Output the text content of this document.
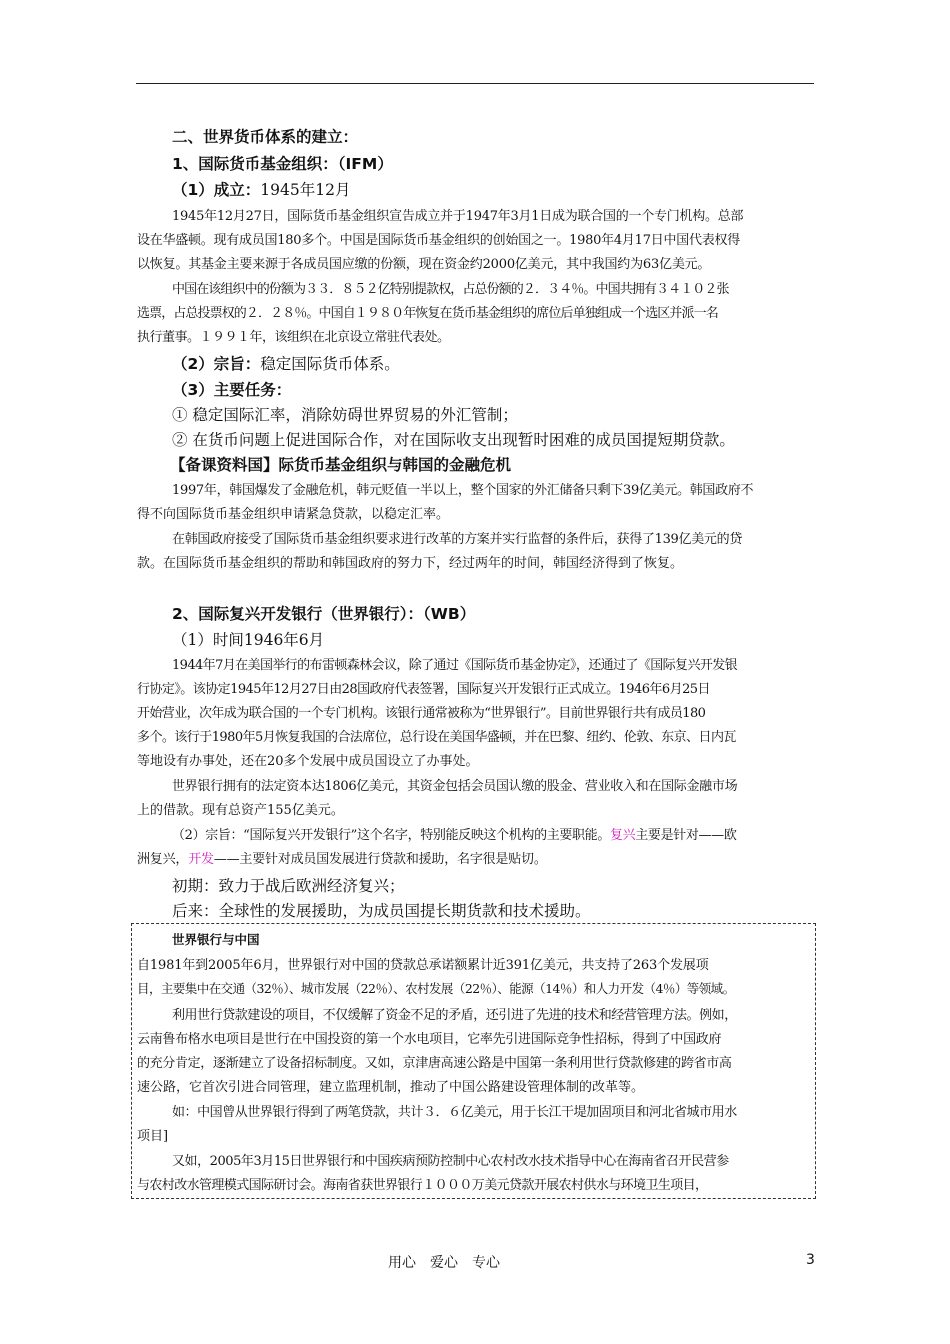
二、世界货币体系的建立：
1、国际货币基金组织：（IFM）
（1）成立：1945年12月
1945年12月27日，国际货币基金组织宣告成立并于1947年3月1日成为联合国的一个专门机构。总部
设在华盛顿。现有成员国180多个。中国是国际货币基金组织的创始国之一。1980年4月17日中国代表权得
以恢复。其基金主要来源于各成员国应缴的份额，现在资金约2000亿美元，其中我国约为63亿美元。
中国在该组织中的份额为３３．８５２亿特别提款权，占总份额的２．３４％。中国共拥有３４１０２张
选票，占总投票权的２．２８％。中国自１９８０年恢复在货币基金组织的席位后单独组成一个选区并派一名
执行董事。１９９１年，该组织在北京设立常驻代表处。
（2）宗旨：稳定国际货币体系。
（3）主要任务：
① 稳定国际汇率，消除妨碍世界贸易的外汇管制；
② 在货币问题上促进国际合作，对在国际收支出现暂时困难的成员国提短期贷款。
【备课资料国】际货币基金组织与韩国的金融危机
1997年，韩国爆发了金融危机，韩元贬值一半以上，整个国家的外汇储备只剩下39亿美元。韩国政府不
得不向国际货币基金组织申请紧急贷款，以稳定汇率。
在韩国政府接受了国际货币基金组织要求进行改革的方案并实行监督的条件后，获得了139亿美元的贷
款。在国际货币基金组织的帮助和韩国政府的努力下，经过两年的时间，韩国经济得到了恢复。
2、国际复兴开发银行（世界银行）：（WB）
（1）时间1946年6月
1944年7月在美国举行的布雷顿森林会议，除了通过《国际货币基金协定》，还通过了《国际复兴开发银
行协定》。该协定1945年12月27日由28国政府代表签署，国际复兴开发银行正式成立。1946年6月25日
开始营业，次年成为联合国的一个专门机构。该银行通常被称为“世界银行”。目前世界银行共有成员180
多个。该行于1980年5月恢复我国的合法席位，总行设在美国华盛顿，并在巴黎、纽约、伦敦、东京、日内瓦
等地设有办事处，还在20多个发展中成员国设立了办事处。
世界银行拥有的法定资本达1806亿美元，其资金包括会员国认缴的股金、营业收入和在国际金融市场
上的借款。现有总资产155亿美元。
（2）宗旨：“国际复兴开发银行”这个名字，特别能反映这个机构的主要职能。复兴主要是针对——欧
洲复兴，开发——主要针对成员国发展进行贷款和援助，名字很是贴切。
初期：致力于战后欧洲经济复兴；
后来：全球性的发展援助，为成员国提长期货款和技术援助。
世界银行与中国
自1981年到2005年6月，世界银行对中国的贷款总承诺额累计近391亿美元，共支持了263个发展项
目，主要集中在交通（32％）、城市发展（22％）、农村发展（22％）、能源（14％）和人力开发（4％）等领域。
利用世行贷款建设的项目，不仅缓解了资金不足的矛盾，还引进了先进的技术和经营管理方法。例如，
云南鲁布格水电项目是世行在中国投资的第一个水电项目，它率先引进国际竞争性招标，得到了中国政府
的充分肯定，逐渐建立了设备招标制度。又如，京津唐高速公路是中国第一条利用世行贷款修建的跨省市高
速公路，它首次引进合同管理，建立监理机制，推动了中国公路建设管理体制的改革等。
如：中国曾从世界银行得到了两笔贷款，共计３．６亿美元，用于长江干堤加固项目和河北省城市用水
项目]
又如，2005年3月15日世界银行和中国疾病预防控制中心农村改水技术指导中心在海南省召开民营参
与农村改水管理模式国际研讨会。海南省获世界银行１０００万美元贷款开展农村供水与环境卫生项目，
用心　爱心　专心	3
